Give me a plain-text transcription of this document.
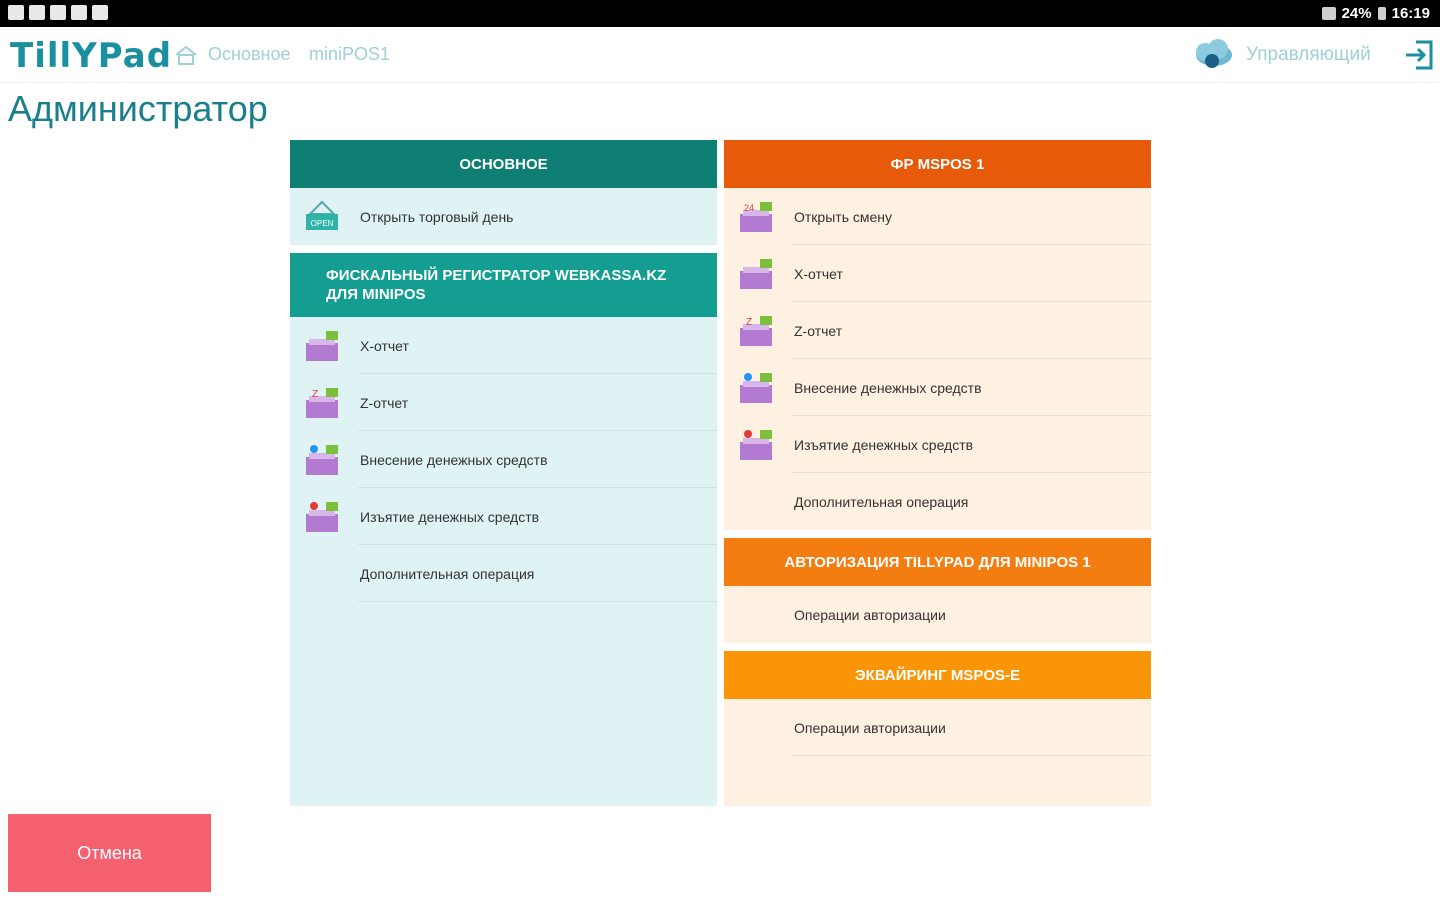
24% 16:19
TillYPad Основное miniPOS1	Управляющий
Администратор
ОСНОВНОЕ
OPEN Открыть торговый день
ФИСКАЛЬНЫЙ РЕГИСТРАТОР WEBKASSA.KZ ДЛЯ MINIPOS
X-отчет
Z	Z-отчет
Внесение денежных средств
Изъятие денежных средств
Дополнительная операция
ФР MSPOS 1
24
Открыть смену
X-отчет
Z	Z-отчет
Внесение денежных средств
Изъятие денежных средств
Дополнительная операция
АВТОРИЗАЦИЯ TILLYPAD ДЛЯ MINIPOS 1
Операции авторизации
ЭКВАЙРИНГ MSPOS-E
Операции авторизации
Отмена
